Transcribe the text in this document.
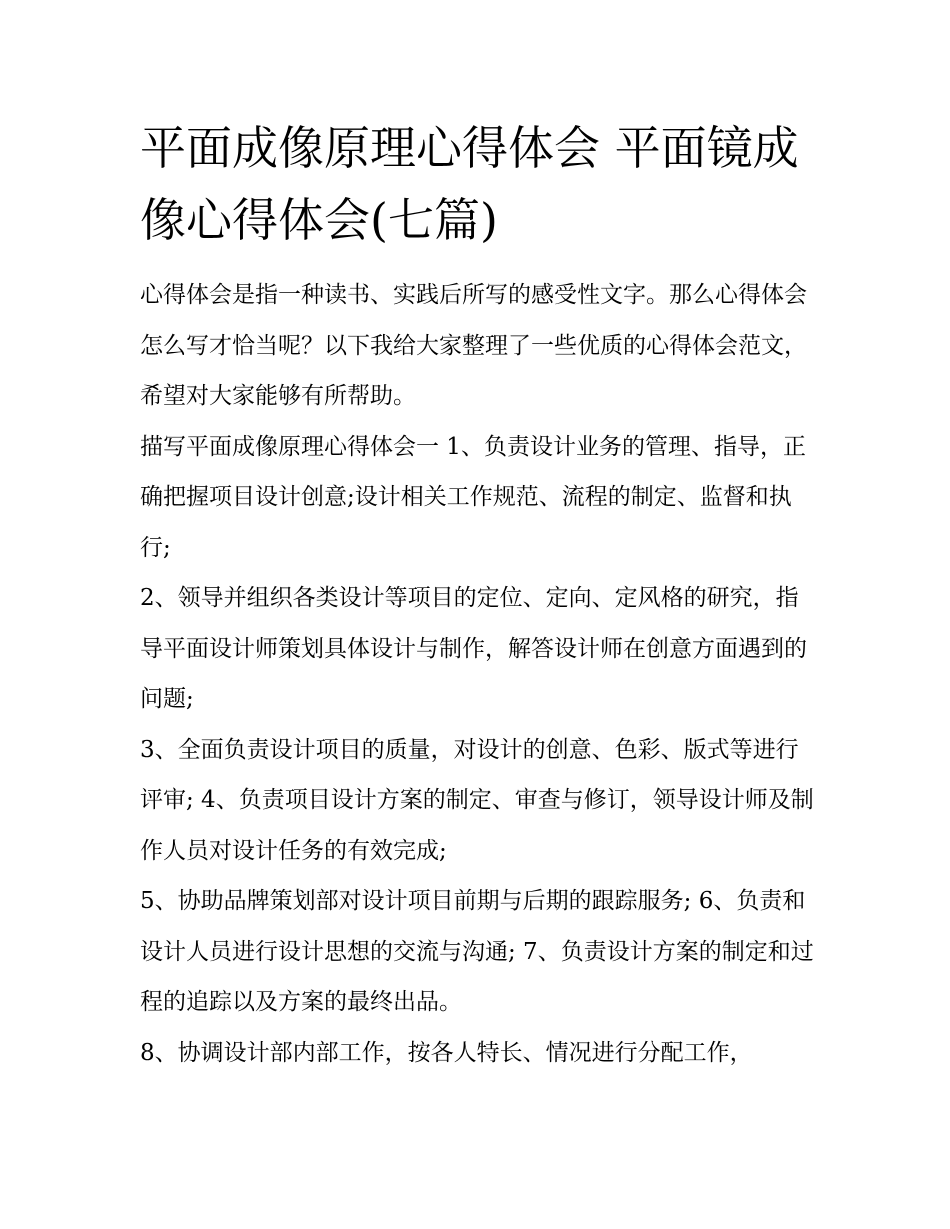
平面成像原理心得体会 平面镜成像心得体会(七篇)

心得体会是指一种读书、实践后所写的感受性文字。那么心得体会怎么写才恰当呢？以下我给大家整理了一些优质的心得体会范文，希望对大家能够有所帮助。

描写平面成像原理心得体会一 1、负责设计业务的管理、指导，正确把握项目设计创意;设计相关工作规范、流程的制定、监督和执行;

2、领导并组织各类设计等项目的定位、定向、定风格的研究，指导平面设计师策划具体设计与制作，解答设计师在创意方面遇到的问题;

3、全面负责设计项目的质量，对设计的创意、色彩、版式等进行评审; 4、负责项目设计方案的制定、审查与修订，领导设计师及制作人员对设计任务的有效完成;

5、协助品牌策划部对设计项目前期与后期的跟踪服务; 6、负责和设计人员进行设计思想的交流与沟通; 7、负责设计方案的制定和过程的追踪以及方案的最终出品。

8、协调设计部内部工作，按各人特长、情况进行分配工作，
